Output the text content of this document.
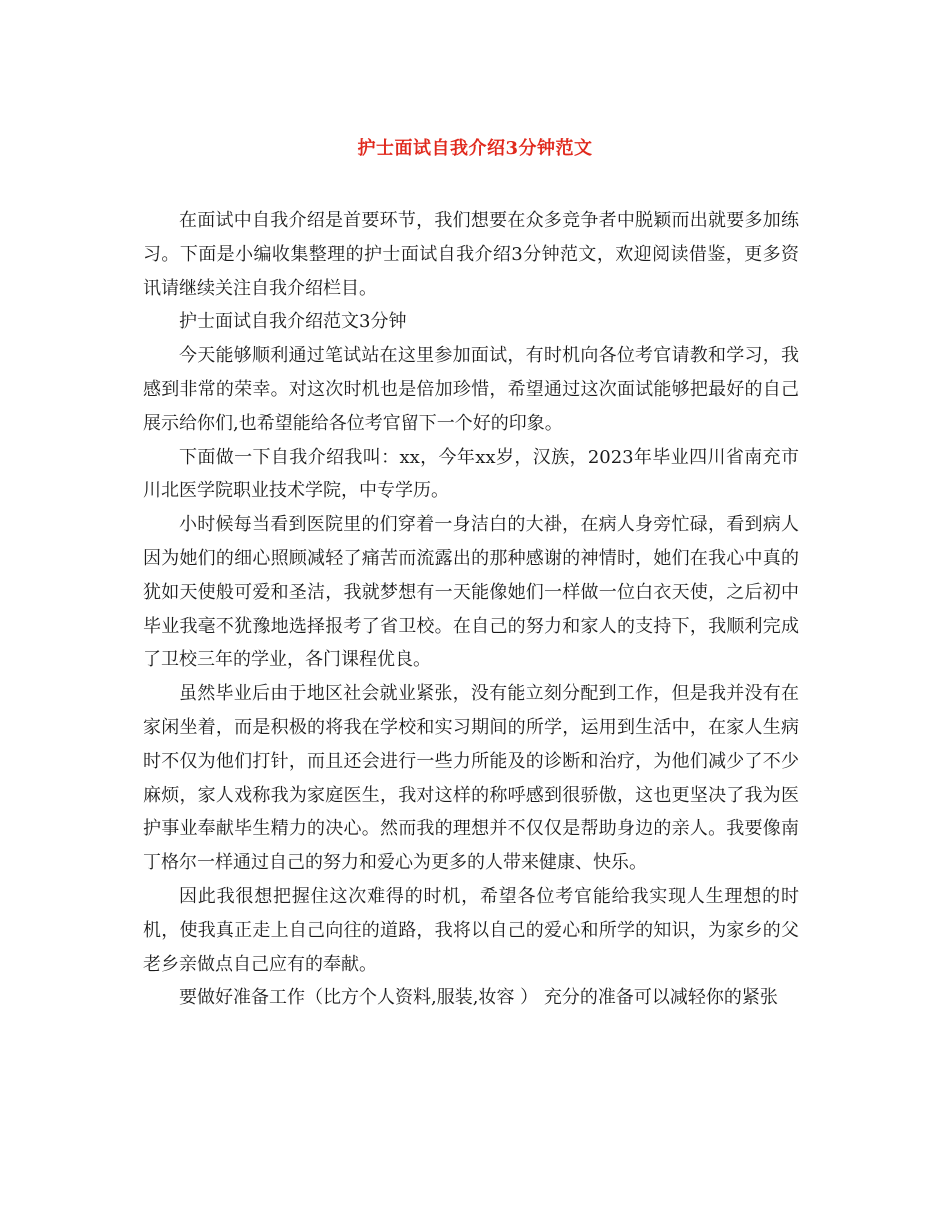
护士面试自我介绍3分钟范文

在面试中自我介绍是首要环节，我们想要在众多竞争者中脱颖而出就要多加练习。下面是小编收集整理的护士面试自我介绍3分钟范文，欢迎阅读借鉴，更多资讯请继续关注自我介绍栏目。

护士面试自我介绍范文3分钟

今天能够顺利通过笔试站在这里参加面试，有时机向各位考官请教和学习，我感到非常的荣幸。对这次时机也是倍加珍惜，希望通过这次面试能够把最好的自己展示给你们,也希望能给各位考官留下一个好的印象。

下面做一下自我介绍我叫：xx，今年xx岁，汉族，2023年毕业四川省南充市川北医学院职业技术学院，中专学历。

小时候每当看到医院里的们穿着一身洁白的大褂，在病人身旁忙碌，看到病人因为她们的细心照顾减轻了痛苦而流露出的那种感谢的神情时，她们在我心中真的犹如天使般可爱和圣洁，我就梦想有一天能像她们一样做一位白衣天使，之后初中毕业我毫不犹豫地选择报考了省卫校。在自己的努力和家人的支持下，我顺利完成了卫校三年的学业，各门课程优良。

虽然毕业后由于地区社会就业紧张，没有能立刻分配到工作，但是我并没有在家闲坐着，而是积极的将我在学校和实习期间的所学，运用到生活中，在家人生病时不仅为他们打针，而且还会进行一些力所能及的诊断和治疗，为他们减少了不少麻烦，家人戏称我为家庭医生，我对这样的称呼感到很骄傲，这也更坚决了我为医护事业奉献毕生精力的决心。然而我的理想并不仅仅是帮助身边的亲人。我要像南丁格尔一样通过自己的努力和爱心为更多的人带来健康、快乐。

因此我很想把握住这次难得的时机，希望各位考官能给我实现人生理想的时机，使我真正走上自己向往的道路，我将以自己的爱心和所学的知识，为家乡的父老乡亲做点自己应有的奉献。

要做好准备工作（比方个人资料,服装,妆容 ） 充分的准备可以减轻你的紧张
